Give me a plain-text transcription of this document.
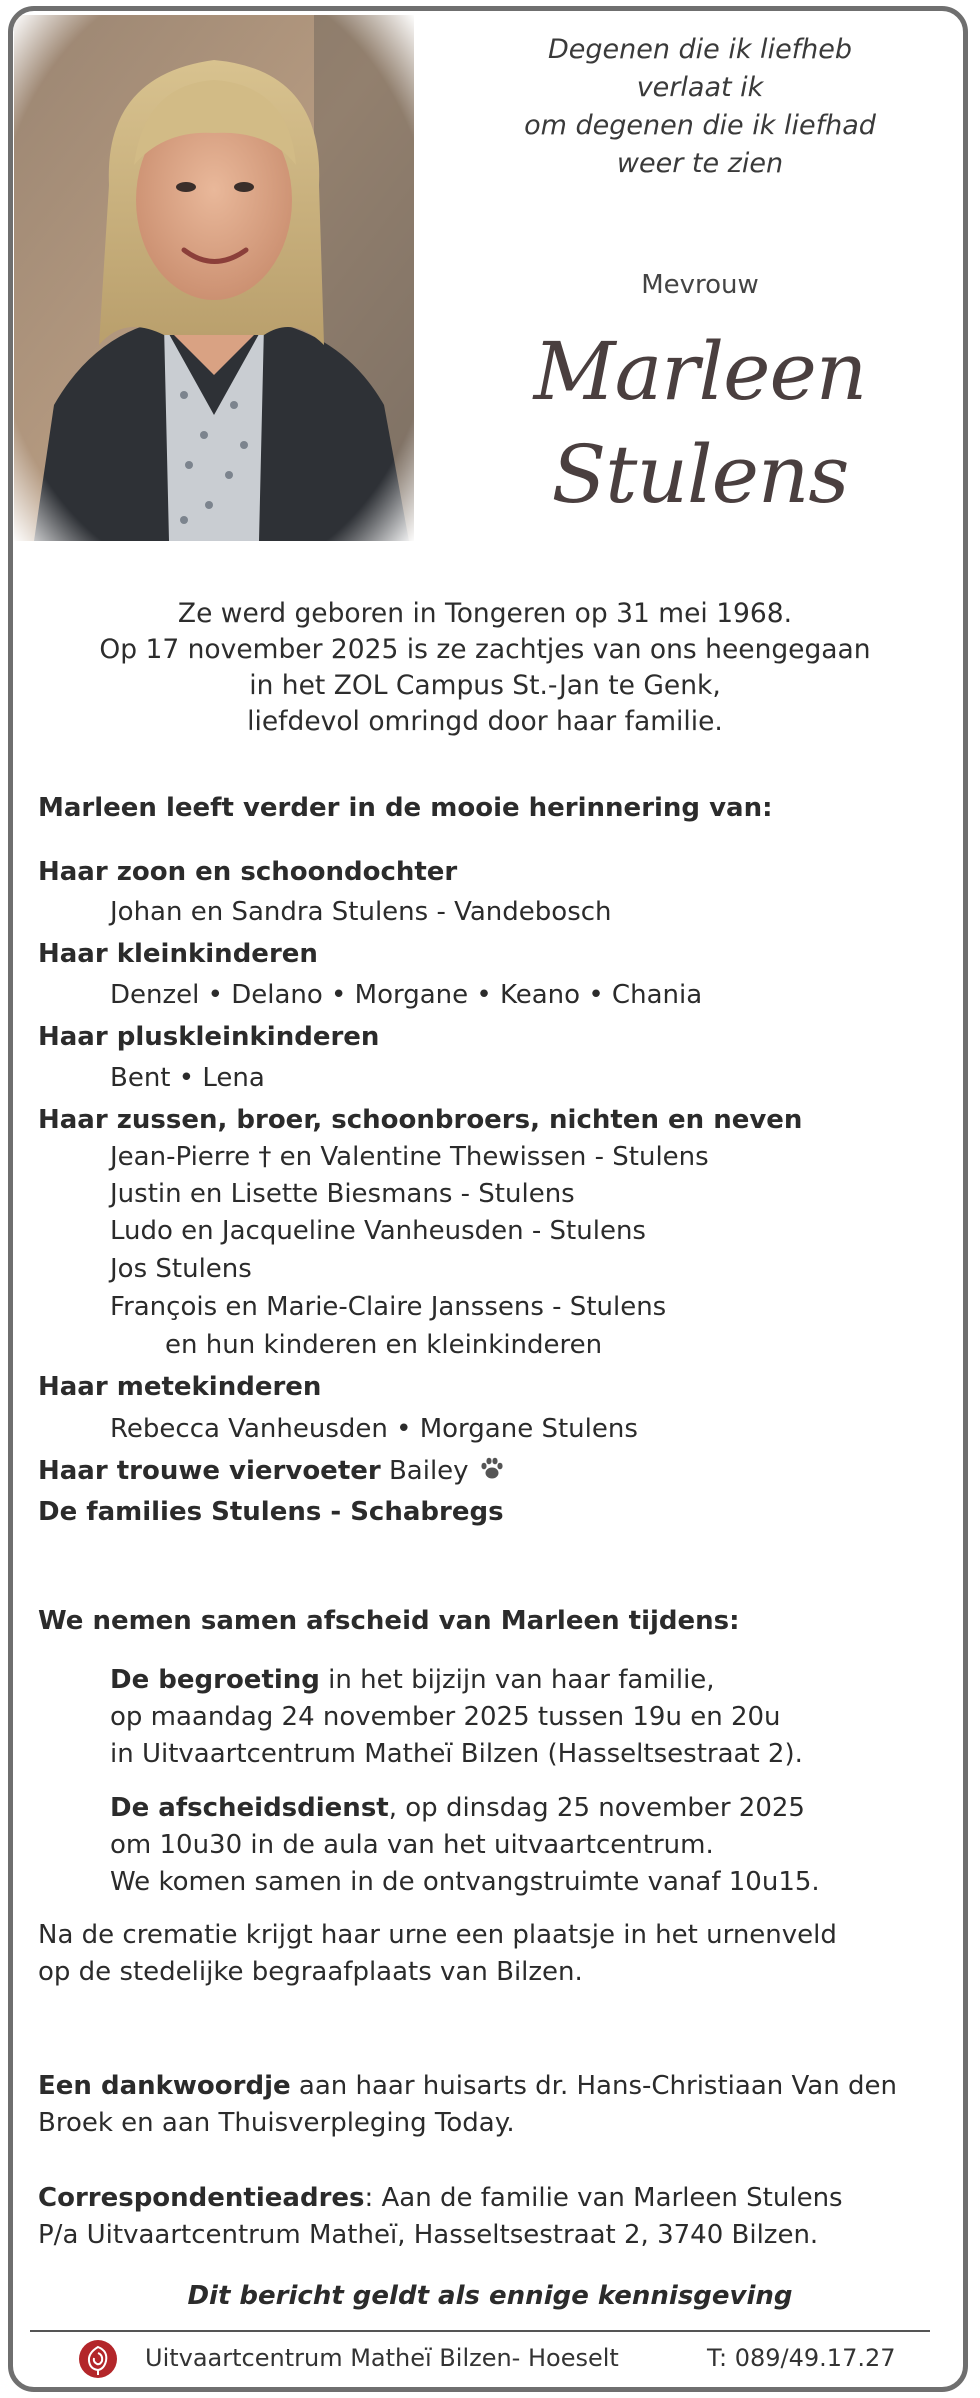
Degenen die ik liefheb
verlaat ik
om degenen die ik liefhad
weer te zien
Mevrouw
Marleen
Stulens
Ze werd geboren in Tongeren op 31 mei 1968.
Op 17 november 2025 is ze zachtjes van ons heengegaan
in het ZOL Campus St.-Jan te Genk,
liefdevol omringd door haar familie.
Marleen leeft verder in de mooie herinnering van:
Haar zoon en schoondochter
Johan en Sandra Stulens - Vandebosch
Haar kleinkinderen
Denzel • Delano • Morgane • Keano • Chania
Haar pluskleinkinderen
Bent • Lena
Haar zussen, broer, schoonbroers, nichten en neven
Jean-Pierre † en Valentine Thewissen - Stulens
Justin en Lisette Biesmans - Stulens
Ludo en Jacqueline Vanheusden - Stulens
Jos Stulens
François en Marie-Claire Janssens - Stulens
en hun kinderen en kleinkinderen
Haar metekinderen
Rebecca Vanheusden • Morgane Stulens
Haar trouwe viervoeter Bailey
De families Stulens - Schabregs
We nemen samen afscheid van Marleen tijdens:
De begroeting in het bijzijn van haar familie,
op maandag 24 november 2025 tussen 19u en 20u
in Uitvaartcentrum Matheï Bilzen (Hasseltsestraat 2).
De afscheidsdienst, op dinsdag 25 november 2025
om 10u30 in de aula van het uitvaartcentrum.
We komen samen in de ontvangstruimte vanaf 10u15.
Na de crematie krijgt haar urne een plaatsje in het urnenveld
op de stedelijke begraafplaats van Bilzen.
Een dankwoordje aan haar huisarts dr. Hans-Christiaan Van den
Broek en aan Thuisverpleging Today.
Correspondentieadres: Aan de familie van Marleen Stulens
P/a Uitvaartcentrum Matheï, Hasseltsestraat 2, 3740 Bilzen.
Dit bericht geldt als ennige kennisgeving
Uitvaartcentrum Matheï Bilzen- Hoeselt	T: 089/49.17.27
